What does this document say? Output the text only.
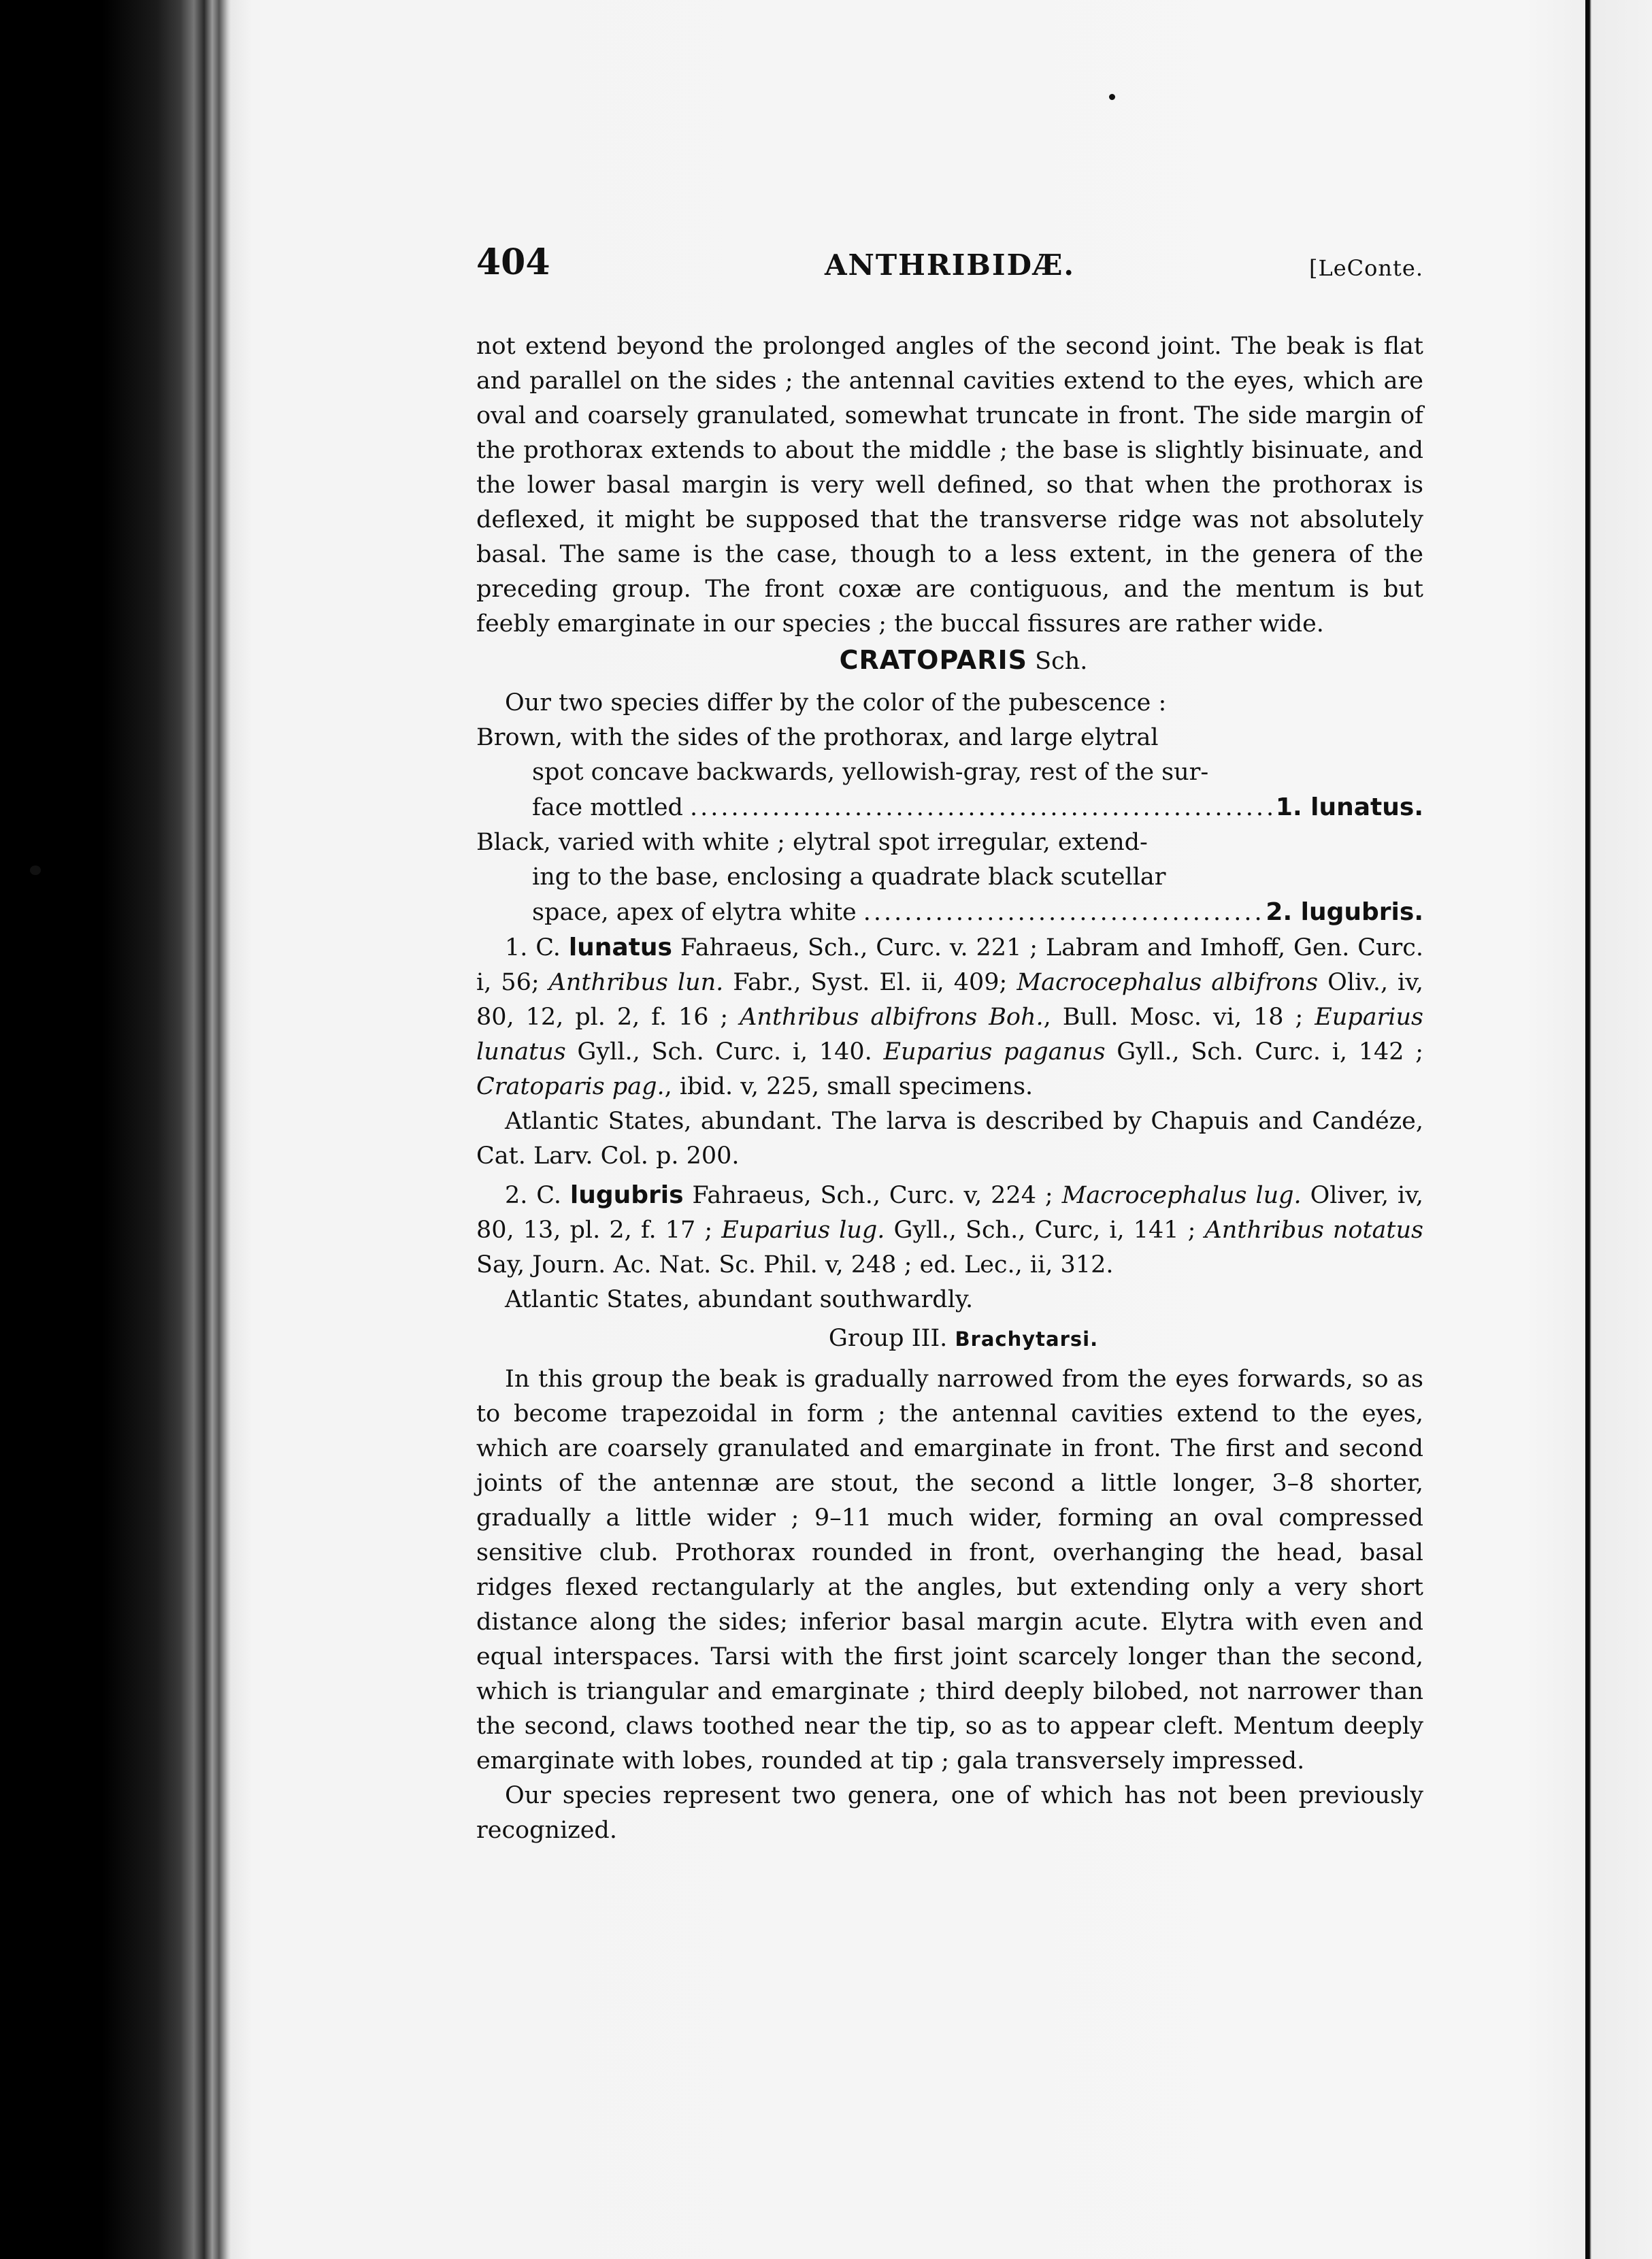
404	ANTHRIBIDÆ.	[LeConte.

not extend beyond the prolonged angles of the second joint. The beak is flat and parallel on the sides ; the antennal cavities extend to the eyes, which are oval and coarsely granulated, somewhat truncate in front. The side margin of the prothorax extends to about the middle ; the base is slightly bisinuate, and the lower basal margin is very well defined, so that when the prothorax is deflexed, it might be supposed that the transverse ridge was not absolutely basal. The same is the case, though to a less extent, in the genera of the preceding group. The front coxæ are contiguous, and the mentum is but feebly emarginate in our species ; the buccal fissures are rather wide.

CRATOPARIS Sch.

Our two species differ by the color of the pubescence :

Brown, with the sides of the prothorax, and large elytral
spot concave backwards, yellowish-gray, rest of the sur-
face mottled .....	1. lunatus.
Black, varied with white ; elytral spot irregular, extend-
ing to the base, enclosing a quadrate black scutellar
space, apex of elytra white .....	2. lugubris.

1. C. lunatus Fahraeus, Sch., Curc. v. 221 ; Labram and Imhoff, Gen. Curc. i, 56; Anthribus lun. Fabr., Syst. El. ii, 409; Macrocephalus albifrons Oliv., iv, 80, 12, pl. 2, f. 16 ; Anthribus albifrons Boh., Bull. Mosc. vi, 18 ; Euparius lunatus Gyll., Sch. Curc. i, 140. Euparius paganus Gyll., Sch. Curc. i, 142 ; Cratoparis pag., ibid. v, 225, small specimens.

Atlantic States, abundant. The larva is described by Chapuis and Candéze, Cat. Larv. Col. p. 200.

2. C. lugubris Fahraeus, Sch., Curc. v, 224 ; Macrocephalus lug. Oliver, iv, 80, 13, pl. 2, f. 17 ; Euparius lug. Gyll., Sch., Curc, i, 141 ; Anthribus notatus Say, Journ. Ac. Nat. Sc. Phil. v, 248 ; ed. Lec., ii, 312.

Atlantic States, abundant southwardly.

Group III. Brachytarsi.

In this group the beak is gradually narrowed from the eyes forwards, so as to become trapezoidal in form ; the antennal cavities extend to the eyes, which are coarsely granulated and emarginate in front. The first and second joints of the antennæ are stout, the second a little longer, 3–8 shorter, gradually a little wider ; 9–11 much wider, forming an oval compressed sensitive club. Prothorax rounded in front, overhanging the head, basal ridges flexed rectangularly at the angles, but extending only a very short distance along the sides; inferior basal margin acute. Elytra with even and equal interspaces. Tarsi with the first joint scarcely longer than the second, which is triangular and emarginate ; third deeply bilobed, not narrower than the second, claws toothed near the tip, so as to appear cleft. Mentum deeply emarginate with lobes, rounded at tip ; gala transversely impressed.

Our species represent two genera, one of which has not been previously recognized.
